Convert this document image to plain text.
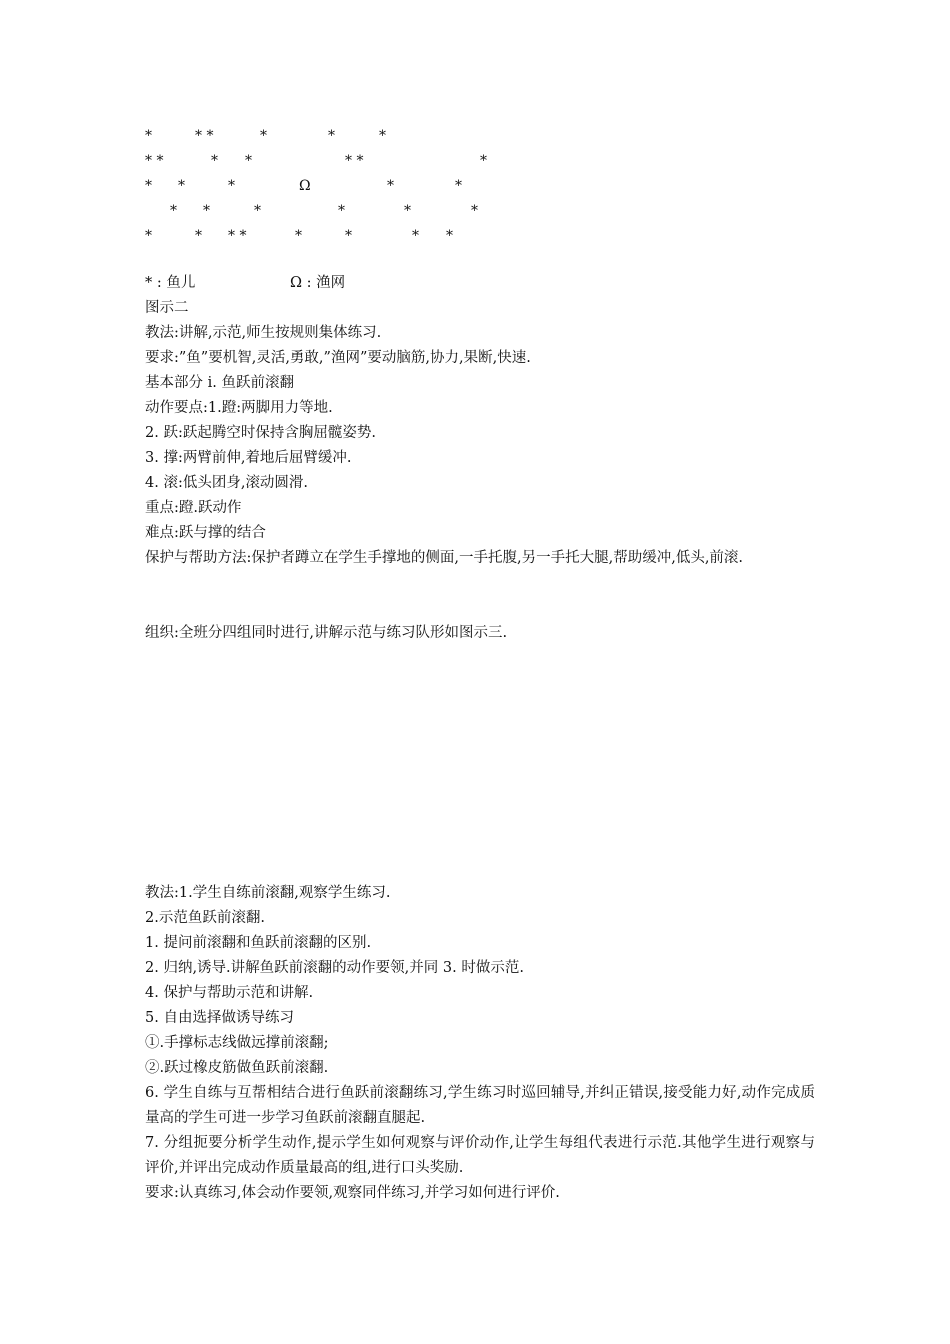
*	* *	*	*	*
* *	* *	* *	*
* *	*	Ω	*	*
* *	*	*	*	*
*	* * *	*	*	* *
* : 鱼儿	Ω : 渔网
图示二
教法:讲解,示范,师生按规则集体练习.
要求:”鱼”要机智,灵活,勇敢,”渔网”要动脑筋,协力,果断,快速.
基本部分 i. 鱼跃前滚翻
动作要点:1.蹬:两脚用力等地.
2. 跃:跃起腾空时保持含胸屈髋姿势.
3. 撑:两臂前伸,着地后屈臂缓冲.
4. 滚:低头团身,滚动圆滑.
重点:蹬.跃动作
难点:跃与撑的结合
保护与帮助方法:保护者蹲立在学生手撑地的侧面,一手托腹,另一手托大腿,帮助缓冲,低头,前滚.
组织:全班分四组同时进行,讲解示范与练习队形如图示三.
教法:1.学生自练前滚翻,观察学生练习.
2.示范鱼跃前滚翻.
1. 提问前滚翻和鱼跃前滚翻的区别.
2. 归纳,诱导.讲解鱼跃前滚翻的动作要领,并同 3. 时做示范.
4. 保护与帮助示范和讲解.
5. 自由选择做诱导练习
①.手撑标志线做远撑前滚翻;
②.跃过橡皮筋做鱼跃前滚翻.
6. 学生自练与互帮相结合进行鱼跃前滚翻练习,学生练习时巡回辅导,并纠正错误,接受能力好,动作完成质量高的学生可进一步学习鱼跃前滚翻直腿起.
7. 分组扼要分析学生动作,提示学生如何观察与评价动作,让学生每组代表进行示范.其他学生进行观察与评价,并评出完成动作质量最高的组,进行口头奖励.
要求:认真练习,体会动作要领,观察同伴练习,并学习如何进行评价.
